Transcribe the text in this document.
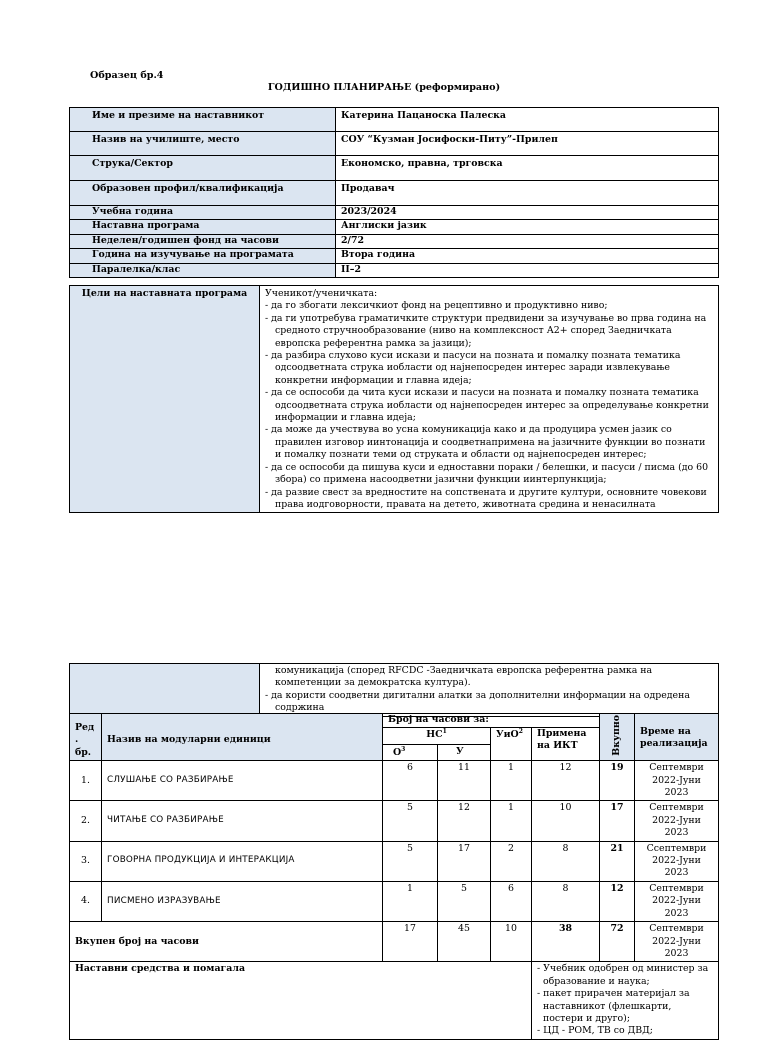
Образец бр.4
ГОДИШНО ПЛАНИРАЊЕ (реформирано)
Име и презиме на наставникот	Катерина Пацаноска Палеска
Назив на училиште, место	СОУ “Кузман Јосифоски-Питу”-Прилеп
Струка/Сектор	Економско, правна, трговска
Образовен профил/квалификација	Продавач
Учебна година	2023/2024
Наставна програма	Англиски јазик
Неделен/годишен фонд на часови	2/72
Година на изучување на програмата	Втора година
Паралелка/клас	II–2
Цели на наставната програма	Ученикот/ученичката:
- да го збогати лексичкиот фонд на рецептивно и продуктивно ниво;
- да ги употребува граматичките структури предвидени за изучување во прва година на средното стручнообразование (ниво на комплексност А2+ според Заедничката европска референтна рамка за јазици);
- да разбира слухово куси искази и пасуси на позната и помалку позната тематика одсоодветната струка иобласти од најнепосреден интерес заради извлекување конкретни информации и главна идеја;
- да се оспособи да чита куси искази и пасуси на позната и помалку позната тематика одсоодветната струка иобласти од најнепосреден интерес за определување конкретни информации и главна идеја;
- да може да учествува во усна комуникација како и да продуцира усмен јазик со правилен изговор иинтонација и соодветнапримена на јазичните функции во познати и помалку познати теми од струката и области од најнепосреден интерес;
- да се оспособи да пишува куси и едноставни пораки / белешки, и пасуси / писма (до 60 зборa) со примена насоодветни јазични функции иинтерпункција;
- да развие свест за вредностите на сопствената и другите култури, основните човекови права иодговорности, правата на детето, животната средина и ненасилната

комуникација (според RFCDC -Заедничката европска референтна рамка на компетенции за демократска култура).
- да користи соодветни дигитални алатки за дополнителни информации на одредена содржина
Ред . бр.	Назив на модуларни единици	Број на часови за:				Вкупно	Време на реализација
		$НС^1$		УиО$^2$	Примена на ИКТ		
		$О^3$	У				
1.	СЛУШАЊЕ СО РАЗБИРАЊЕ	6	11	1	12	19	Септември 2022-Јуни 2023
2.	ЧИТАЊЕ СО РАЗБИРАЊЕ	5	12	1	10	17	Септември 2022-Јуни 2023
3.	ГОВОРНА ПРОДУКЦИЈА И ИНТЕРАКЦИЈА	5	17	2	8	21	Ссептември 2022-Јуни 2023
4.	ПИСМЕНО ИЗРАЗУВАЊЕ	1	5	6	8	12	Септември 2022-Јуни 2023
Вкупен број на часови		17	45	10	38	72	Септември 2022-Јуни 2023
Наставни средства и помагала					- Учебник одобрен од министер за образование и наука;
- пакет прирачен материјал за наставникот (флешкарти, постери и друго);
- ЦД - РОМ, ТВ со ДВД;		
